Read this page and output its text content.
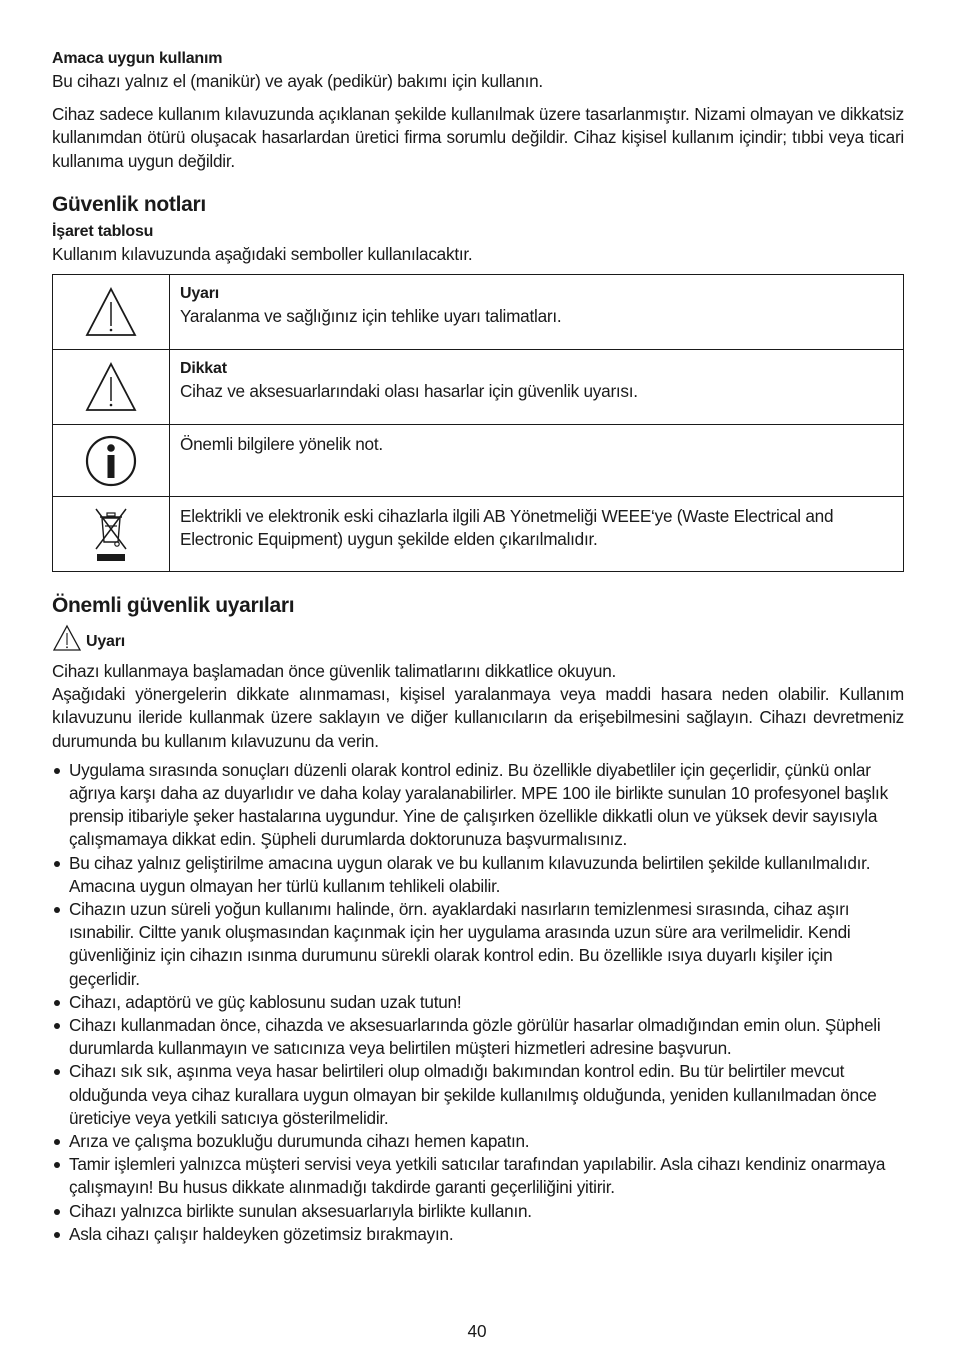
Amaca uygun kullanım

Bu cihazı yalnız el (manikür) ve ayak (pedikür) bakımı için kullanın.

Cihaz sadece kullanım kılavuzunda açıklanan şekilde kullanılmak üzere tasarlanmıştır. Nizami olmayan ve dikkatsiz kullanımdan ötürü oluşacak hasarlardan üretici firma sorumlu değildir. Cihaz kişisel kullanım içindir; tıbbi veya ticari kullanıma uygun değildir.

Güvenlik notları
İşaret tablosu

Kullanım kılavuzunda aşağıdaki semboller kullanılacaktır.

Uyarı
Yaralanma ve sağlığınız için tehlike uyarı talimatları.

Dikkat
Cihaz ve aksesuarlarındaki olası hasarlar için güvenlik uyarısı.

Önemli bilgilere yönelik not.

Elektrikli ve elektronik eski cihazlarla ilgili AB Yönetmeliği WEEE‘ye (Waste Electrical and Electronic Equipment) uygun şekilde elden çıkarılmalıdır.
Önemli güvenlik uyarıları
Uyarı

Cihazı kullanmaya başlamadan önce güvenlik talimatlarını dikkatlice okuyun.

Aşağıdaki yönergelerin dikkate alınmaması, kişisel yaralanmaya veya maddi hasara neden olabilir. Kullanım kılavuzunu ileride kullanmak üzere saklayın ve diğer kullanıcıların da erişebilmesini sağlayın. Cihazı devretmeniz durumunda bu kullanım kılavuzunu da verin.

Uygulama sırasında sonuçları düzenli olarak kontrol ediniz. Bu özellikle diyabetliler için geçerlidir, çünkü onlar ağrıya karşı daha az duyarlıdır ve daha kolay yaralanabilirler. MPE 100 ile birlikte sunulan 10 profesyonel başlık prensip itibariyle şeker hastalarına uygundur. Yine de çalışırken özellikle dikkatli olun ve yüksek devir sayısıyla çalışmamaya dikkat edin. Şüpheli durumlarda doktorunuza başvurmalısınız.
Bu cihaz yalnız geliştirilme amacına uygun olarak ve bu kullanım kılavuzunda belirtilen şekilde kullanılmalıdır. Amacına uygun olmayan her türlü kullanım tehlikeli olabilir.
Cihazın uzun süreli yoğun kullanımı halinde, örn. ayaklardaki nasırların temizlenmesi sırasında, cihaz aşırı ısınabilir. Ciltte yanık oluşmasından kaçınmak için her uygulama arasında uzun süre ara verilmelidir. Kendi güvenliğiniz için cihazın ısınma durumunu sürekli olarak kontrol edin. Bu özellikle ısıya duyarlı kişiler için geçerlidir.
Cihazı, adaptörü ve güç kablosunu sudan uzak tutun!
Cihazı kullanmadan önce, cihazda ve aksesuarlarında gözle görülür hasarlar olmadığından emin olun. Şüpheli durumlarda kullanmayın ve satıcınıza veya belirtilen müşteri hizmetleri adresine başvurun.
Cihazı sık sık, aşınma veya hasar belirtileri olup olmadığı bakımından kontrol edin. Bu tür belirtiler mevcut olduğunda veya cihaz kurallara uygun olmayan bir şekilde kullanılmış olduğunda, yeniden kullanılmadan önce üreticiye veya yetkili satıcıya gösterilmelidir.
Arıza ve çalışma bozukluğu durumunda cihazı hemen kapatın.
Tamir işlemleri yalnızca müşteri servisi veya yetkili satıcılar tarafından yapılabilir. Asla cihazı kendiniz onarmaya çalışmayın! Bu husus dikkate alınmadığı takdirde garanti geçerliliğini yitirir.
Cihazı yalnızca birlikte sunulan aksesuarlarıyla birlikte kullanın.
Asla cihazı çalışır haldeyken gözetimsiz bırakmayın.
40
